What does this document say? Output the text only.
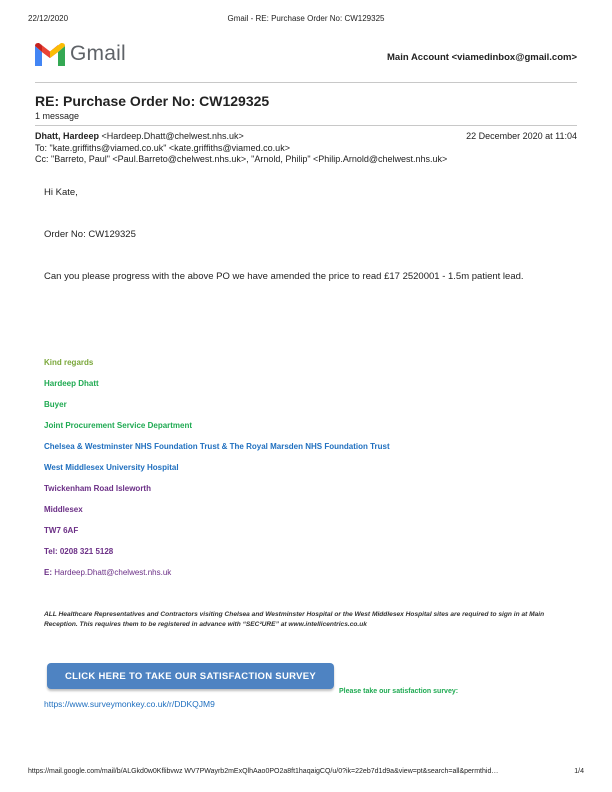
22/12/2020	Gmail - RE: Purchase Order No: CW129325
Gmail	Main Account <viamedinbox@gmail.com>
RE: Purchase Order No: CW129325
1 message
Dhatt, Hardeep <Hardeep.Dhatt@chelwest.nhs.uk>	22 December 2020 at 11:04
To: "kate.griffiths@viamed.co.uk" <kate.griffiths@viamed.co.uk>
Cc: "Barreto, Paul" <Paul.Barreto@chelwest.nhs.uk>, "Arnold, Philip" <Philip.Arnold@chelwest.nhs.uk>
Hi Kate,
Order No: CW129325
Can you please progress with the above PO we have amended the price to read £17 2520001 - 1.5m patient lead.
Kind regards
Hardeep Dhatt
Buyer
Joint Procurement Service Department
Chelsea & Westminster NHS Foundation Trust & The Royal Marsden NHS Foundation Trust
West Middlesex University Hospital
Twickenham Road Isleworth
Middlesex
TW7 6AF
Tel: 0208 321 5128
E: Hardeep.Dhatt@chelwest.nhs.uk
ALL Healthcare Representatives and Contractors visiting Chelsea and Westminster Hospital or the West Middlesex Hospital sites are required to sign in at Main Reception. This requires them to be registered in advance with “SEC²URE” at www.intellicentrics.co.uk
CLICK HERE TO TAKE OUR SATISFACTION SURVEY
Please take our satisfaction survey:
https://www.surveymonkey.co.uk/r/DDKQJM9
https://mail.google.com/mail/b/ALGkd0w0Kflibvwz WV7PWayrb2mExQlhAao0PO2a8ft1haqaigCQ/u/0?ik=22eb7d1d9a&view=pt&search=all&permthid…	1/4
